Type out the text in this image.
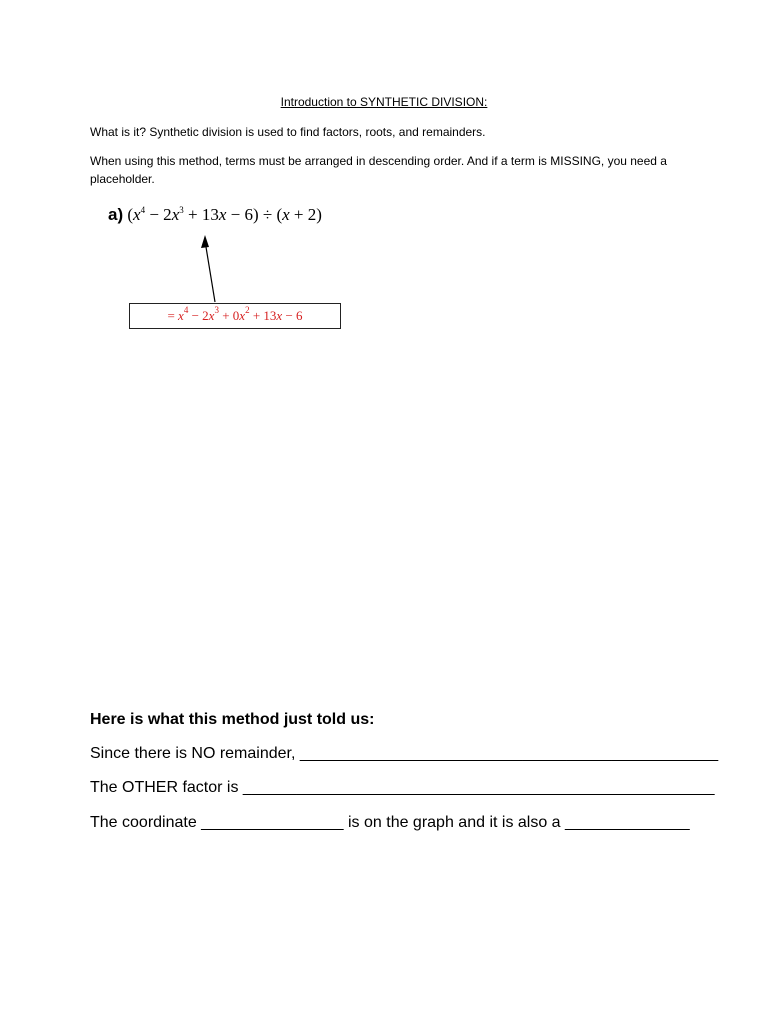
Introduction to SYNTHETIC DIVISION:
What is it? Synthetic division is used to find factors, roots, and remainders.
When using this method, terms must be arranged in descending order. And if a term is MISSING, you need a placeholder.
a) $(x^4 - 2x^3 + 13x - 6) \div (x + 2)$
= $x^4 - 2x^3 + 0x^2 + 13x - 6$
Here is what this method just told us:
Since there is NO remainder, _______________________________________________
The OTHER factor is _____________________________________________________
The coordinate ________________ is on the graph and it is also a ______________
